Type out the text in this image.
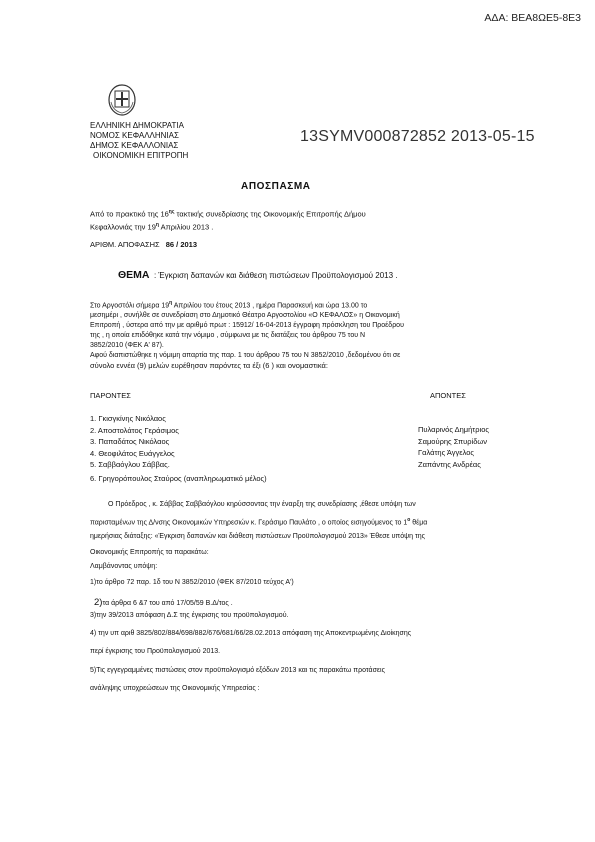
ΑΔΑ: ΒΕΑ8ΩΕ5-8Ε3
ΕΛΛΗΝΙΚΗ ΔΗΜΟΚΡΑΤΙΑ
ΝΟΜΟΣ ΚΕΦΑΛΛΗΝΙΑΣ
ΔΗΜΟΣ ΚΕΦΑΛΛΟΝΙΑΣ
ΟΙΚΟΝΟΜΙΚΗ ΕΠΙΤΡΟΠΗ
13SYMV000872852 2013-05-15
ΑΠΟΣΠΑΣΜΑ
Από το πρακτικό της $16^{\eta\varsigma}$ τακτικής συνεδρίασης της Οικονομικής Επιτροπής Δήμου
Κεφαλλονιάς την $19^\eta$ Απριλίου 2013 .
ΑΡΙΘΜ. ΑΠΟΦΑΣΗΣ 86 / 2013
ΘΕΜΑ : Έγκριση δαπανών και διάθεση πιστώσεων Προϋπολογισμού 2013 .
Στο Αργοστόλι σήμερα $19^\eta$ Απριλίου του έτους 2013 , ημέρα Παρασκευή και ώρα 13.00 το
μεσημέρι , συνήλθε σε συνεδρίαση στο Δημοτικό Θέατρο Αργοστολίου «Ο ΚΕΦΑΛΟΣ» η Οικονομική
Επιτροπή , ύστερα από την με αριθμό πρωτ : 15912/ 16-04-2013 έγγραφη πρόσκληση του Προέδρου
της , η οποία επιδόθηκε κατά την νόμιμο , σύμφωνα με τις διατάξεις του άρθρου 75 του Ν
3852/2010 (ΦΕΚ Α' 87).
Αφού διαπιστώθηκε η νόμιμη απαρτία της παρ. 1 του άρθρου 75 του Ν 3852/2010 ,δεδομένου ότι σε
σύνολο εννέα (9) μελών ευρέθησαν παρόντες τα έξι (6 ) και ονομαστικά:
ΠΑΡΟΝΤΕΣ	ΑΠΟΝΤΕΣ
1. Γκισγκίνης Νικόλαος
2. Αποστολάτος Γεράσιμος
3. Παπαδάτος Νικόλαος
4. Θεοφιλάτος Ευάγγελος
5. Σαββαόγλου Σάββας.
6. Γρηγορόπουλος Σταύρος (αναπληρωματικό μέλος)
Πυλαρινός Δημήτριος
Σαμούρης Σπυρίδων
Γαλάτης Άγγελος
Ζαπάντης Ανδρέας
Ο Πρόεδρος , κ. Σάββας Σαββαόγλου κηρύσσοντας την έναρξη της συνεδρίασης ,έθεσε υπόψη των
παρισταμένων της Δ/νσης Οικονομικών Υπηρεσιών κ. Γεράσιμο Παυλάτο , ο οποίος εισηγούμενος το $1^o$ θέμα
ημερήσιας διάταξης: «Έγκριση δαπανών και διάθεση πιστώσεων Προϋπολογισμού 2013» Έθεσε υπόψη της
Οικονομικής Επιτροπής τα παρακάτω:
Λαμβάνοντας υπόψη:
1)το άρθρο 72 παρ. 1δ του Ν 3852/2010 (ΦΕΚ 87/2010 τεύχος Α')
2)τα άρθρα 6 &7 του από 17/05/59 Β.Δ/τος .
3)την 39/2013 απόφαση Δ.Σ της έγκρισης του προϋπολογισμού.
4) την υπ αριθ 3825/802/884/698/882/676/681/66/28.02.2013 απόφαση της Αποκεντρωμένης Διοίκησης
περί έγκρισης του Προϋπολογισμού 2013.
5)Τις εγγεγραμμένες πιστώσεις στον προϋπολογισμό εξόδων 2013 και τις παρακάτω προτάσεις
ανάληψης υποχρεώσεων της Οικονομικής Υπηρεσίας :
